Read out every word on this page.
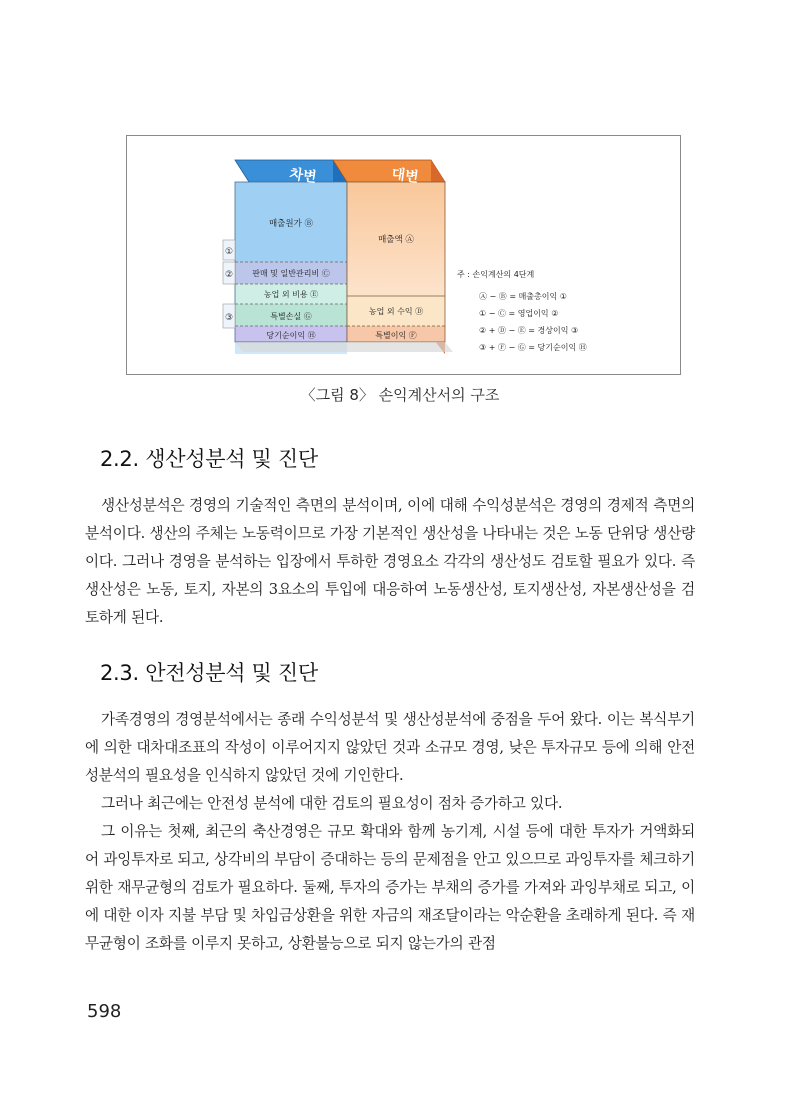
차변	대변
매출원가 Ⓑ
판매 및 일반관리비 Ⓒ
농업 외 비용 Ⓔ
특별손실 Ⓖ
당기순이익 Ⓗ
매출액 Ⓐ
농업 외 수익 Ⓓ
특별이익 Ⓕ
①
②
③
주 : 손익계산의 4단계
Ⓐ − Ⓑ = 매출총이익 ①
① − Ⓒ = 영업이익 ②
② + Ⓓ − Ⓔ = 경상이익 ③
③ + Ⓕ − Ⓖ = 당기순이익 Ⓗ
〈그림 8〉 손익계산서의 구조
2.2. 생산성분석 및 진단

생산성분석은 경영의 기술적인 측면의 분석이며, 이에 대해 수익성분석은 경영의 경제적 측면의 분석이다. 생산의 주체는 노동력이므로 가장 기본적인 생산성을 나타내는 것은 노동 단위당 생산량이다. 그러나 경영을 분석하는 입장에서 투하한 경영요소 각각의 생산성도 검토할 필요가 있다. 즉 생산성은 노동, 토지, 자본의 3요소의 투입에 대응하여 노동생산성, 토지생산성, 자본생산성을 검토하게 된다.

2.3. 안전성분석 및 진단

가족경영의 경영분석에서는 종래 수익성분석 및 생산성분석에 중점을 두어 왔다. 이는 복식부기에 의한 대차대조표의 작성이 이루어지지 않았던 것과 소규모 경영, 낮은 투자규모 등에 의해 안전성분석의 필요성을 인식하지 않았던 것에 기인한다.

그러나 최근에는 안전성 분석에 대한 검토의 필요성이 점차 증가하고 있다.

그 이유는 첫째, 최근의 축산경영은 규모 확대와 함께 농기계, 시설 등에 대한 투자가 거액화되어 과잉투자로 되고, 상각비의 부담이 증대하는 등의 문제점을 안고 있으므로 과잉투자를 체크하기 위한 재무균형의 검토가 필요하다. 둘째, 투자의 증가는 부채의 증가를 가져와 과잉부채로 되고, 이에 대한 이자 지불 부담 및 차입금상환을 위한 자금의 재조달이라는 악순환을 초래하게 된다. 즉 재무균형이 조화를 이루지 못하고, 상환불능으로 되지 않는가의 관점

598
